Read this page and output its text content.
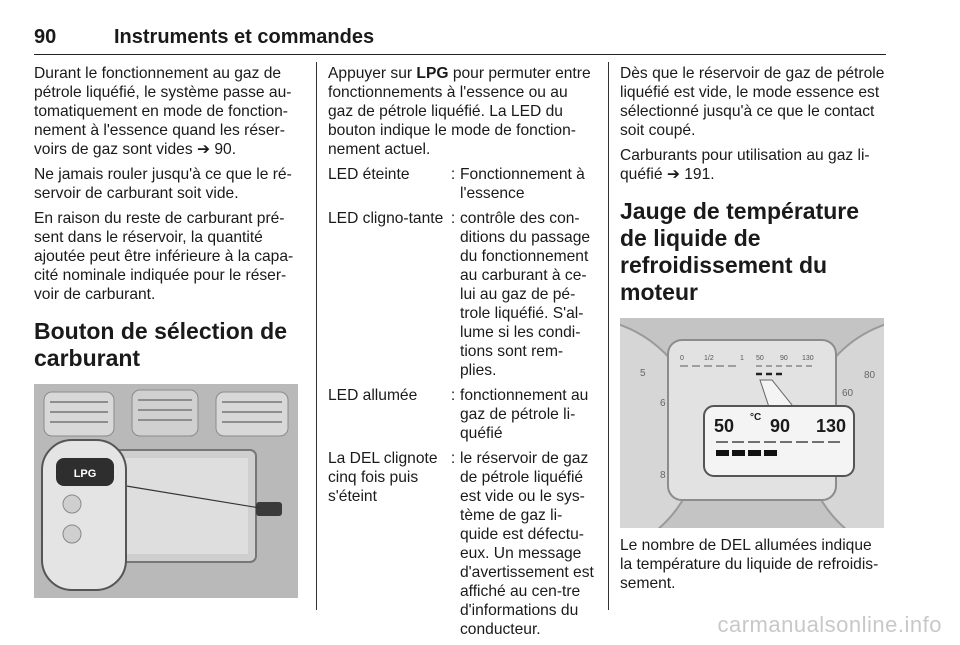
90	Instruments et commandes

Durant le fonctionnement au gaz de pétrole liquéfié, le système passe au-tomatiquement en mode de fonction-nement à l'essence quand les réser-voirs de gaz sont vides ➔ 90.

Ne jamais rouler jusqu'à ce que le ré-servoir de carburant soit vide.

En raison du reste de carburant pré-sent dans le réservoir, la quantité ajoutée peut être inférieure à la capa-cité nominale indiquée pour le réser-voir de carburant.

Bouton de sélection de carburant
LPG

Appuyer sur LPG pour permuter entre fonctionnements à l'essence ou au gaz de pétrole liquéfié. La LED du bouton indique le mode de fonction-nement actuel.

LED éteinte	:	Fonctionnement à l'essence
LED cligno-tante	:	contrôle des con-ditions du passage du fonctionnement au carburant à ce-lui au gaz de pé-trole liquéfié. S'al-lume si les condi-tions sont rem-plies.
LED allumée	:	fonctionnement au gaz de pétrole li-quéfié
La DEL clignote cinq fois puis s'éteint	:	le réservoir de gaz de pétrole liquéfié est vide ou le sys-tème de gaz li-quide est défectu-eux. Un message d'avertissement est affiché au cen-tre d'informations du conducteur.

Dès que le réservoir de gaz de pétrole liquéfié est vide, le mode essence est sélectionné jusqu'à ce que le contact soit coupé.

Carburants pour utilisation au gaz li-quéfié ➔ 191.

Jauge de température de liquide de refroidissement du moteur
5
6
8
60
80
0	1/2	1 50 90 130
50 90 130
°C

Le nombre de DEL allumées indique la température du liquide de refroidis-sement.

carmanualsonline.info
